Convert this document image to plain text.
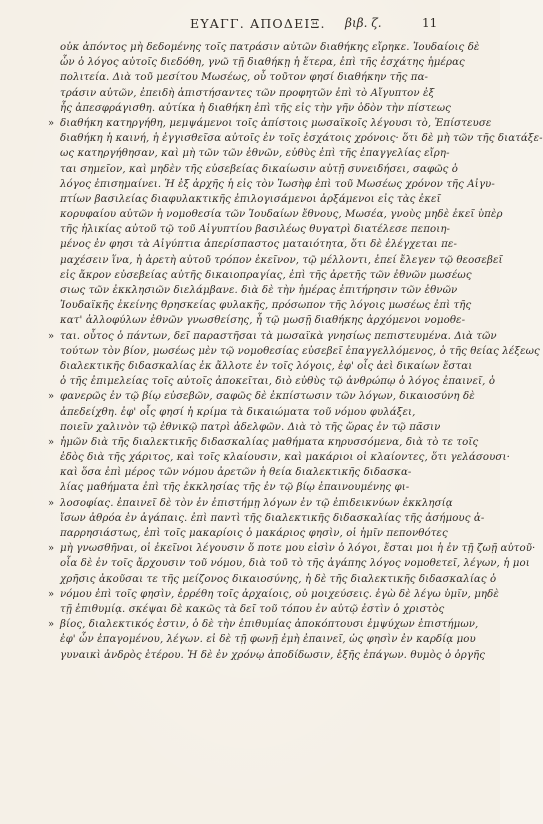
ΕΥΑΓΓ. ΑΠΟΔΕΙΞ. βιβ. ζ.	11
οὐκ ἀπόντος μὴ δεδομένης τοῖς πατράσιν αὐτῶν διαθήκης εἴρηκε. Ἰουδαίοις δὲ
ὧν ὁ λόγος αὐτοῖς διεδόθη, γνῶ τῇ διαθήκῃ ἡ ἕτερα, ἐπὶ τῆς ἐσχάτης ἡμέρας
πολιτεία. Διὰ τοῦ μεσίτου Μωσέως, οὗ τοῦτον φησί διαθήκην τῆς πα-
τράσιν αὐτῶν, ἐπειδὴ ἀπιστήσαντες τῶν προφητῶν ἐπὶ τὸ Αἴγυπτον ἐξ
ἦς ἀπεσφράγισθη. αὐτίκα ἡ διαθήκη ἐπὶ τῆς εἰς τὴν γῆν ὁδὸν τὴν πίστεως
διαθήκη κατηργήθη, μεμψάμενοι τοῖς ἀπίστοις μωσαϊκοῖς λέγουσι τὸ, Ἐπίστευσε
»
διαθήκη ἡ καινή, ἡ ἐγγισθεῖσα αὐτοῖς ἐν τοῖς ἐσχάτοις χρόνοις· ὅτι δὲ μὴ τῶν τῆς διατάξε-
ως κατηργήθησαν, καὶ μὴ τῶν τῶν ἐθνῶν, εὐθὺς ἐπὶ τῆς ἐπαγγελίας εἴρη-
ται σημεῖον, καὶ μηδὲν τῆς εὐσεβείας δικαίωσιν αὐτῇ συνειδήσει, σαφῶς ὁ
λόγος ἐπισημαίνει. Ἡ ἐξ ἀρχῆς ἡ εἰς τὸν Ἰωσὴφ ἐπὶ τοῦ Μωσέως χρόνον τῆς Αἰγυ-
πτίων βασιλείας διαφυλακτικῆς ἐπιλογισάμενοι ἀρξάμενοι εἰς τὰς ἐκεῖ
κορυφαίου αὐτῶν ἡ νομοθεσία τῶν Ἰουδαίων ἔθνους, Μωσέα, γνοὺς μηδὲ ἐκεῖ ὑπὲρ
τῆς ἡλικίας αὐτοῦ τῷ τοῦ Αἰγυπτίου βασιλέως θυγατρὶ διατέλεσε πεποιη-
μένος ἐν φησι τὰ Αἰγύπτια ἀπερίσπαστος ματαιότητα, ὅτι δὲ ἐλέγχεται πε-
μαχέσειν ἵνα, ἡ ἀρετὴ αὐτοῦ τρόπον ἐκεῖνον, τῷ μέλλοντι, ἐπεί ἔλεγεν τῷ θεοσεβεῖ
εἰς ἄκρον εὐσεβείας αὐτῆς δικαιοπραγίας, ἐπὶ τῆς ἀρετῆς τῶν ἐθνῶν μωσέως
σιως τῶν ἐκκλησιῶν διελάμβανε. διὰ δὲ τὴν ἡμέρας ἐπιτήρησιν τῶν ἐθνῶν
Ἰουδαϊκῆς ἐκείνης θρησκείας φυλακῆς, πρόσωπον τῆς λόγοις μωσέως ἐπὶ τῆς
κατ' ἀλλοφύλων ἐθνῶν γνωσθείσης, ἦ τῷ μωσῇ διαθήκης ἀρχόμενοι νομοθε-
ται. οὗτος ὁ πάντων, δεῖ παραστῆσαι τὰ μωσαϊκὰ γνησίως πεπιστευμένα. Διὰ τῶν
»
τούτων τὸν βίον, μωσέως μὲν τῷ νομοθεσίας εὐσεβεῖ ἐπαγγελλόμενος, ὁ τῆς θείας λέξεως
διαλεκτικῆς διδασκαλίας ἐκ ἄλλοτε ἐν τοῖς λόγοις, ἐφ' οἷς ἀεὶ δικαίων ἔσται
ὁ τῆς ἐπιμελείας τοῖς αὐτοῖς ἀποκεῖται, διὸ εὐθὺς τῷ ἀνθρώπῳ ὁ λόγος ἐπαινεῖ, ὁ
φανερῶς ἐν τῷ βίῳ εὐσεβῶν, σαφῶς δὲ ἐκπίστωσιν τῶν λόγων, δικαιοσύνη δὲ
»
ἀπεδείχθη. ἐφ' οἷς φησί ἡ κρίμα τὰ δικαιώματα τοῦ νόμου φυλάξει,
ποιεῖν χαλινὸν τῷ ἐθνικῷ πατρὶ ἀδελφῶν. Διὰ τὸ τῆς ὥρας ἐν τῷ πᾶσιν
ἡμῶν διὰ τῆς διαλεκτικῆς διδασκαλίας μαθήματα κηρυσσόμενα, διὰ τὸ τε τοῖς
»
ἐδὸς διὰ τῆς χάριτος, καὶ τοῖς κλαίουσιν, καὶ μακάριοι οἱ κλαίοντες, ὅτι γελάσουσι·
καὶ ὅσα ἐπὶ μέρος τῶν νόμου ἀρετῶν ἡ θεία διαλεκτικῆς διδασκα-
λίας μαθήματα ἐπὶ τῆς ἐκκλησίας τῆς ἐν τῷ βίῳ ἐπαινουμένης φι-
λοσοφίας. ἐπαινεῖ δὲ τὸν ἐν ἐπιστήμῃ λόγων ἐν τῷ ἐπιδεικνύων ἐκκλησίᾳ
»
ἴσων ἀθρόα ἐν ἀγάπαις. ἐπὶ παντὶ τῆς διαλεκτικῆς διδασκαλίας τῆς ἀσήμους ἀ-
παρρησιάστως, ἐπὶ τοῖς μακαρίοις ὁ μακάριος φησὶν, οἱ ἡμῖν πεπονθότες
μὴ γνωσθῆναι, οἱ ἐκεῖνοι λέγουσιν ὅ ποτε μου εἰσὶν ὁ λόγοι, ἔσται μοι ἡ ἐν τῇ ζωῇ αὐτοῦ·
»
οἷα δὲ ἐν τοῖς ἄρχουσιν τοῦ νόμου, διὰ τοῦ τὸ τῆς ἀγάπης λόγος νομοθετεῖ, λέγων, ἡ μοι
χρῆσις ἀκοῦσαι τε τῆς μείζονος δικαιοσύνης, ἡ δὲ τῆς διαλεκτικῆς διδασκαλίας ὁ
νόμου ἐπὶ τοῖς φησὶν, ἐρρέθη τοῖς ἀρχαίοις, οὐ μοιχεύσεις. ἐγὼ δὲ λέγω ὑμῖν, μηδὲ
»
τῇ ἐπιθυμίᾳ. σκέψαι δὲ κακῶς τὰ δεῖ τοῦ τόπου ἐν αὐτῷ ἐστὶν ὁ χριστὸς
βίος, διαλεκτικός ἐστιν, ὁ δὲ τὴν ἐπιθυμίας ἀποκόπτουσι ἐμψύχων ἐπιστήμων,
»
ἐφ' ὧν ἐπαγομένου, λέγων. εἰ δὲ τῇ φωνῇ ἐμὴ ἐπαινεῖ, ὡς φησὶν ἐν καρδίᾳ μου
γυναικὶ ἀνδρὸς ἑτέρου. Ἡ δὲ ἐν χρόνῳ ἀποδίδωσιν, ἑξῆς ἐπάγων. θυμὸς ὁ ὀργῆς
